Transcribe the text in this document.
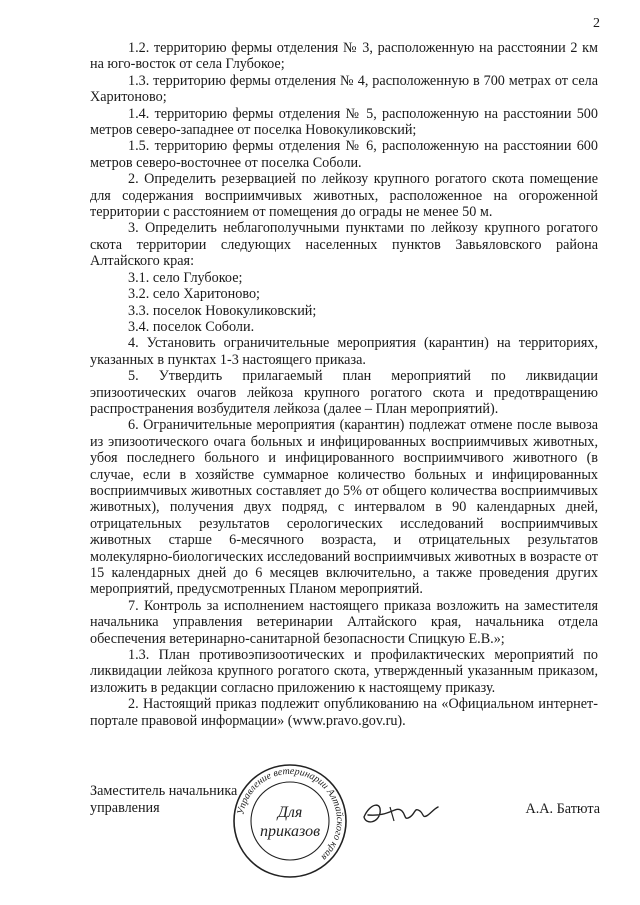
2

1.2. территорию фермы отделения № 3, расположенную на расстоянии 2 км на юго-восток от села Глубокое;

1.3. территорию фермы отделения № 4, расположенную в 700 метрах от села Харитоново;

1.4. территорию фермы отделения № 5, расположенную на расстоянии 500 метров северо-западнее от поселка Новокуликовский;

1.5. территорию фермы отделения № 6, расположенную на расстоянии 600 метров северо-восточнее от поселка Соболи.

2. Определить резервацией по лейкозу крупного рогатого скота помещение для содержания восприимчивых животных, расположенное на огороженной территории с расстоянием от помещения до ограды не менее 50 м.

3. Определить неблагополучными пунктами по лейкозу крупного рогатого скота территории следующих населенных пунктов Завьяловского района Алтайского края:

3.1. село Глубокое;

3.2. село Харитоново;

3.3. поселок Новокуликовский;

3.4. поселок Соболи.

4. Установить ограничительные мероприятия (карантин) на территориях, указанных в пунктах 1-3 настоящего приказа.

5. Утвердить прилагаемый план мероприятий по ликвидации эпизоотических очагов лейкоза крупного рогатого скота и предотвращению распространения возбудителя лейкоза (далее – План мероприятий).

6. Ограничительные мероприятия (карантин) подлежат отмене после вывоза из эпизоотического очага больных и инфицированных восприимчивых животных, убоя последнего больного и инфицированного восприимчивого животного (в случае, если в хозяйстве суммарное количество больных и инфицированных восприимчивых животных составляет до 5% от общего количества восприимчивых животных), получения двух подряд, с интервалом в 90 календарных дней, отрицательных результатов серологических исследований восприимчивых животных старше 6-месячного возраста, и отрицательных результатов молекулярно-биологических исследований восприимчивых животных в возрасте от 15 календарных дней до 6 месяцев включительно, а также проведения других мероприятий, предусмотренных Планом мероприятий.

7. Контроль за исполнением настоящего приказа возложить на заместителя начальника управления ветеринарии Алтайского края, начальника отдела обеспечения ветеринарно-санитарной безопасности Спицкую Е.В.»;

1.3. План противоэпизоотических и профилактических мероприятий по ликвидации лейкоза крупного рогатого скота, утвержденный указанным приказом, изложить в редакции согласно приложению к настоящему приказу.

2. Настоящий приказ подлежит опубликованию на «Официальном интернет-портале правовой информации» (www.pravo.gov.ru).

Заместитель начальника
управления	Управление ветеринарии Алтайского края
Для
приказов
А.А. Батюта
